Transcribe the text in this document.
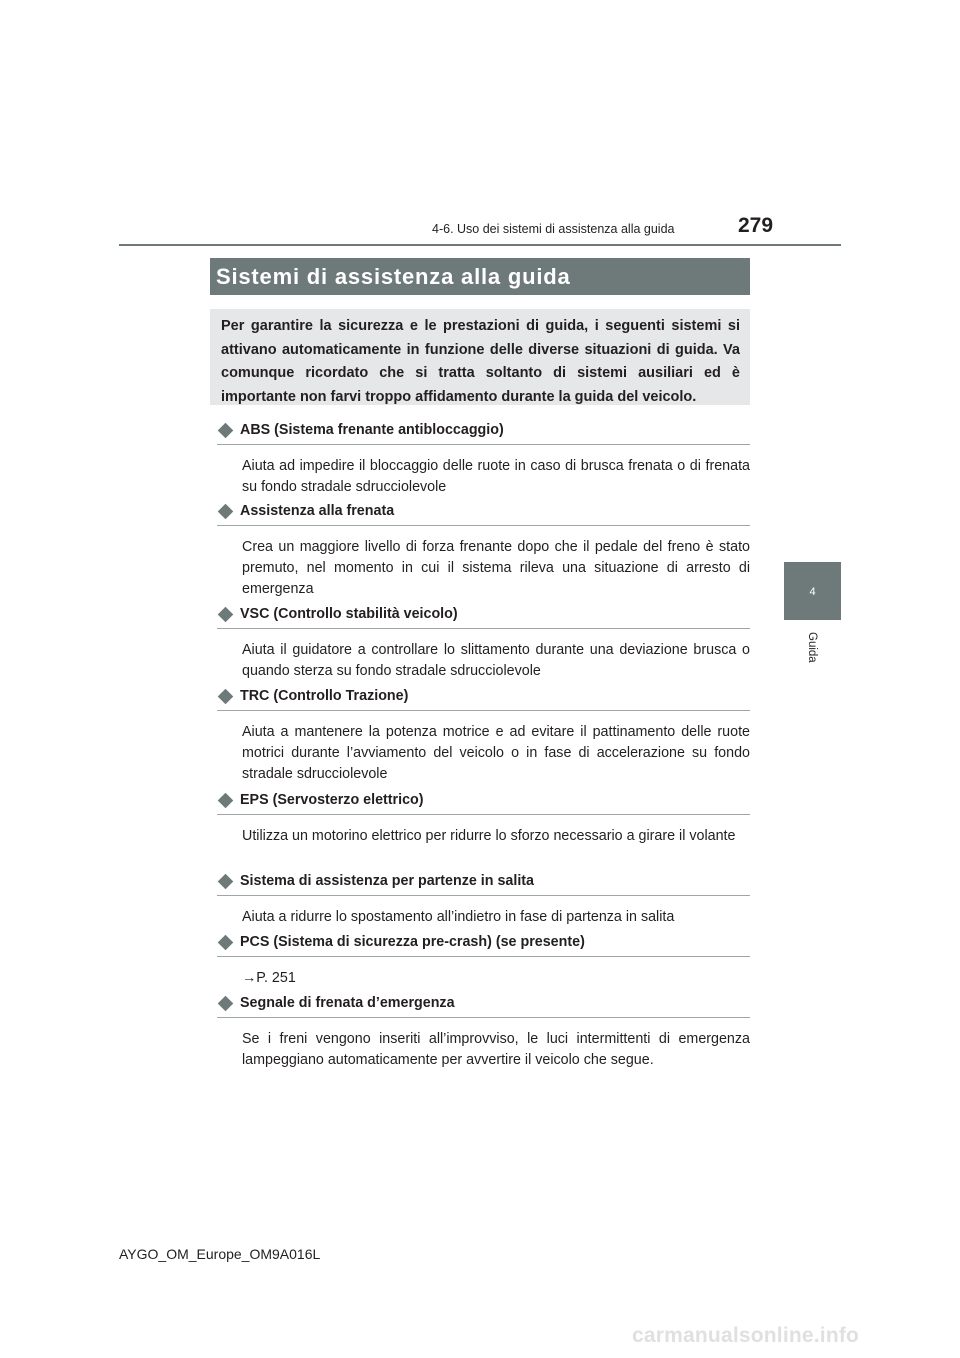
4-6. Uso dei sistemi di assistenza alla guida	279
4
Guida
Sistemi di assistenza alla guida
Per garantire la sicurezza e le prestazioni di guida, i seguenti sistemi si attivano automaticamente in funzione delle diverse situazioni di guida. Va comunque ricordato che si tratta soltanto di sistemi ausiliari ed è importante non farvi troppo affidamento durante la guida del veicolo.
ABS (Sistema frenante antibloccaggio)
Aiuta ad impedire il bloccaggio delle ruote in caso di brusca frenata o di frenata su fondo stradale sdrucciolevole
Assistenza alla frenata
Crea un maggiore livello di forza frenante dopo che il pedale del freno è stato premuto, nel momento in cui il sistema rileva una situazione di arresto di emergenza
VSC (Controllo stabilità veicolo)
Aiuta il guidatore a controllare lo slittamento durante una deviazione brusca o quando sterza su fondo stradale sdrucciolevole
TRC (Controllo Trazione)
Aiuta a mantenere la potenza motrice e ad evitare il pattinamento delle ruote motrici durante l’avviamento del veicolo o in fase di accelerazione su fondo stradale sdrucciolevole
EPS (Servosterzo elettrico)
Utilizza un motorino elettrico per ridurre lo sforzo necessario a girare il volante
Sistema di assistenza per partenze in salita
Aiuta a ridurre lo spostamento all’indietro in fase di partenza in salita
PCS (Sistema di sicurezza pre-crash) (se presente)
→P. 251
Segnale di frenata d’emergenza
Se i freni vengono inseriti all’improvviso, le luci intermittenti di emergenza lampeggiano automaticamente per avvertire il veicolo che segue.
AYGO_OM_Europe_OM9A016L
carmanualsonline.info
